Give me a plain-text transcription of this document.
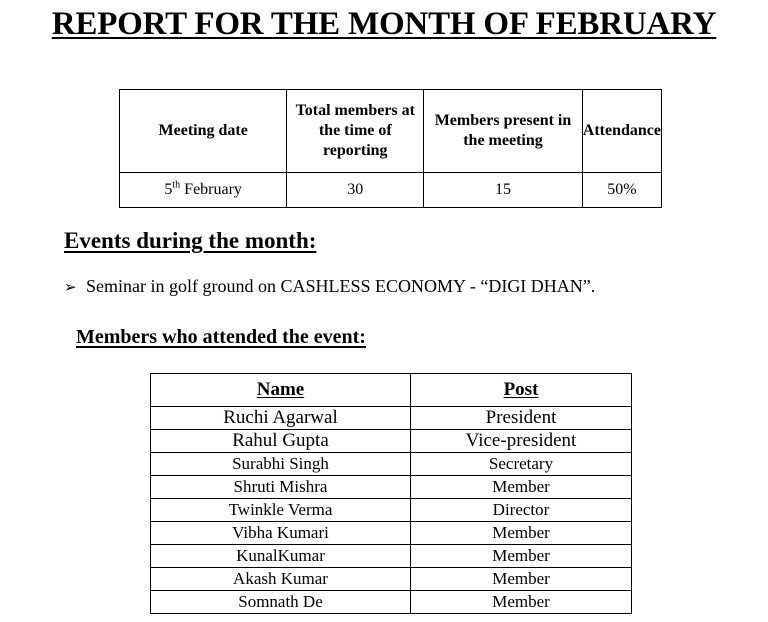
REPORT FOR THE MONTH OF FEBRUARY
Meeting date	Total members at the time of reporting	Members present in the meeting	Attendance
5th February	30	15	50%
Events during the month:
➢ Seminar in golf ground on CASHLESS ECONOMY - “DIGI DHAN”.
Members who attended the event:
Name	Post
Ruchi Agarwal	President
Rahul Gupta	Vice-president
Surabhi Singh	Secretary
Shruti Mishra	Member
Twinkle Verma	Director
Vibha Kumari	Member
KunalKumar	Member
Akash Kumar	Member
Somnath De	Member
